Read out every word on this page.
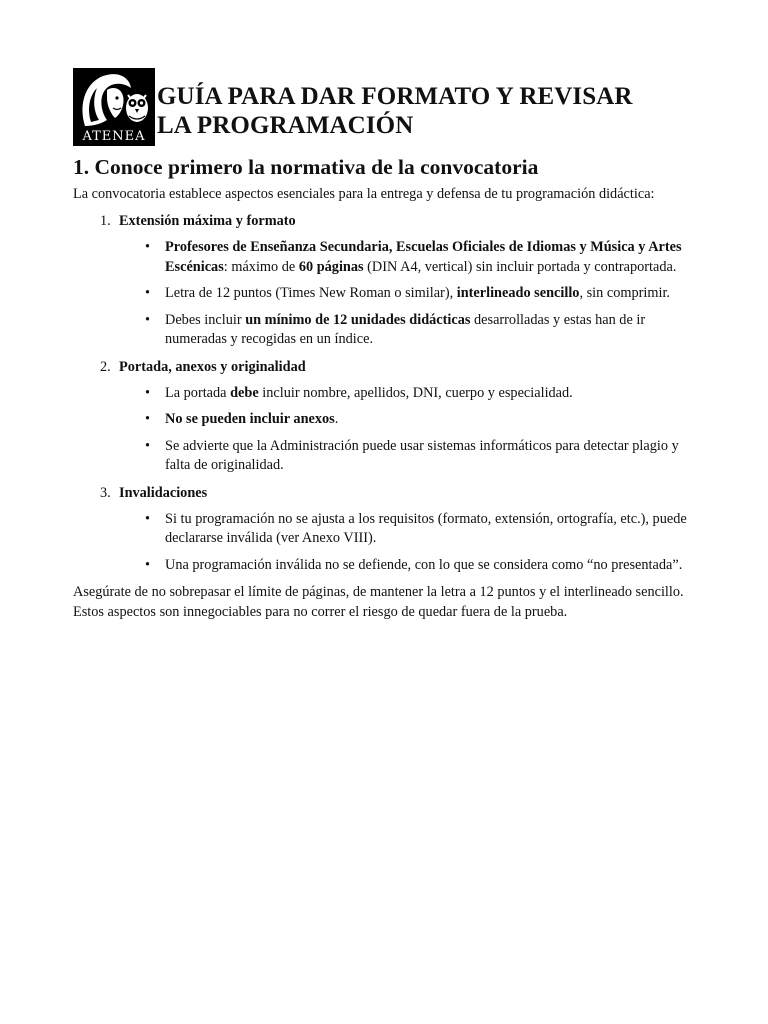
ATENEA
GUÍA PARA DAR FORMATO Y REVISAR
LA PROGRAMACIÓN
1. Conoce primero la normativa de la convocatoria

La convocatoria establece aspectos esenciales para la entrega y defensa de tu programación didáctica:

1. Extensión máxima y formato
• Profesores de Enseñanza Secundaria, Escuelas Oficiales de Idiomas y Música y Artes Escénicas: máximo de 60 páginas (DIN A4, vertical) sin incluir portada y contraportada.
• Letra de 12 puntos (Times New Roman o similar), interlineado sencillo, sin comprimir.
• Debes incluir un mínimo de 12 unidades didácticas desarrolladas y estas han de ir numeradas y recogidas en un índice.
2. Portada, anexos y originalidad
• La portada debe incluir nombre, apellidos, DNI, cuerpo y especialidad.
• No se pueden incluir anexos.
• Se advierte que la Administración puede usar sistemas informáticos para detectar plagio y falta de originalidad.
3. Invalidaciones
• Si tu programación no se ajusta a los requisitos (formato, extensión, ortografía, etc.), puede declararse inválida (ver Anexo VIII).
• Una programación inválida no se defiende, con lo que se considera como “no presentada”.

Asegúrate de no sobrepasar el límite de páginas, de mantener la letra a 12 puntos y el interlineado sencillo. Estos aspectos son innegociables para no correr el riesgo de quedar fuera de la prueba.
